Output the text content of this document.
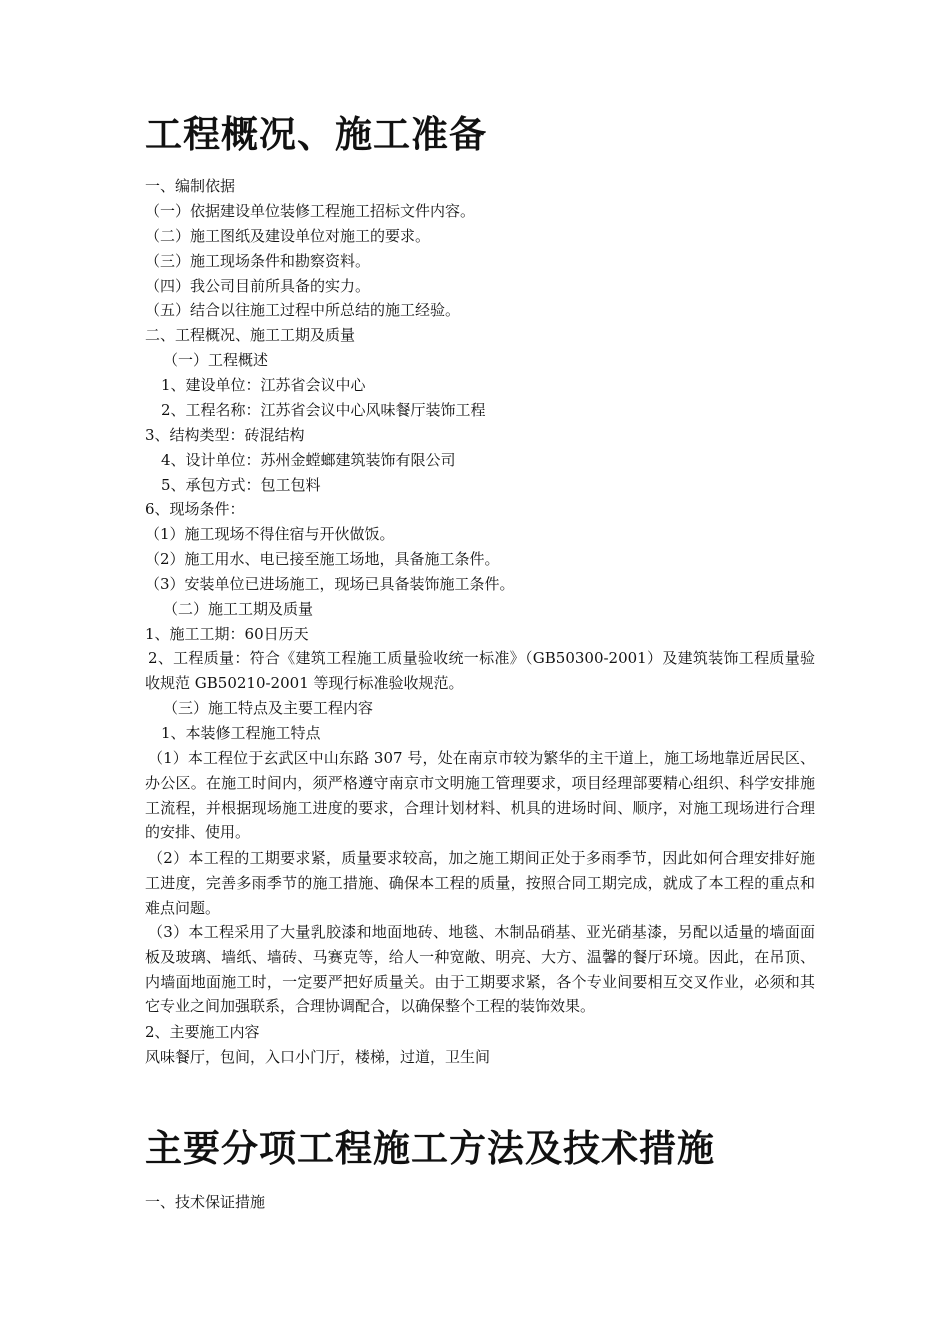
工程概况、施工准备

一、编制依据

（一）依据建设单位装修工程施工招标文件内容。

（二）施工图纸及建设单位对施工的要求。

（三）施工现场条件和勘察资料。

（四）我公司目前所具备的实力。

（五）结合以往施工过程中所总结的施工经验。

二、工程概况、施工工期及质量

（一）工程概述

1、建设单位：江苏省会议中心

2、工程名称：江苏省会议中心风味餐厅装饰工程

3、结构类型：砖混结构

4、设计单位：苏州金螳螂建筑装饰有限公司

5、承包方式：包工包料

6、现场条件：

（1）施工现场不得住宿与开伙做饭。

（2）施工用水、电已接至施工场地，具备施工条件。

（3）安装单位已进场施工，现场已具备装饰施工条件。

（二）施工工期及质量

1、施工工期：60日历天

2、工程质量：符合《建筑工程施工质量验收统一标准》（GB50300-2001）及建筑装饰工程质量验收规范 GB50210-2001 等现行标准验收规范。

（三）施工特点及主要工程内容

1、本装修工程施工特点

（1）本工程位于玄武区中山东路 307 号，处在南京市较为繁华的主干道上，施工场地靠近居民区、办公区。在施工时间内，须严格遵守南京市文明施工管理要求，项目经理部要精心组织、科学安排施工流程，并根据现场施工进度的要求，合理计划材料、机具的进场时间、顺序，对施工现场进行合理的安排、使用。

（2）本工程的工期要求紧，质量要求较高，加之施工期间正处于多雨季节，因此如何合理安排好施工进度，完善多雨季节的施工措施、确保本工程的质量，按照合同工期完成，就成了本工程的重点和难点问题。

（3）本工程采用了大量乳胶漆和地面地砖、地毯、木制品硝基、亚光硝基漆，另配以适量的墙面面板及玻璃、墙纸、墙砖、马赛克等，给人一种宽敞、明亮、大方、温馨的餐厅环境。因此，在吊顶、内墙面地面施工时，一定要严把好质量关。由于工期要求紧，各个专业间要相互交叉作业，必须和其它专业之间加强联系，合理协调配合，以确保整个工程的装饰效果。

2、主要施工内容

风味餐厅，包间，入口小门厅，楼梯，过道，卫生间

主要分项工程施工方法及技术措施

一、技术保证措施
